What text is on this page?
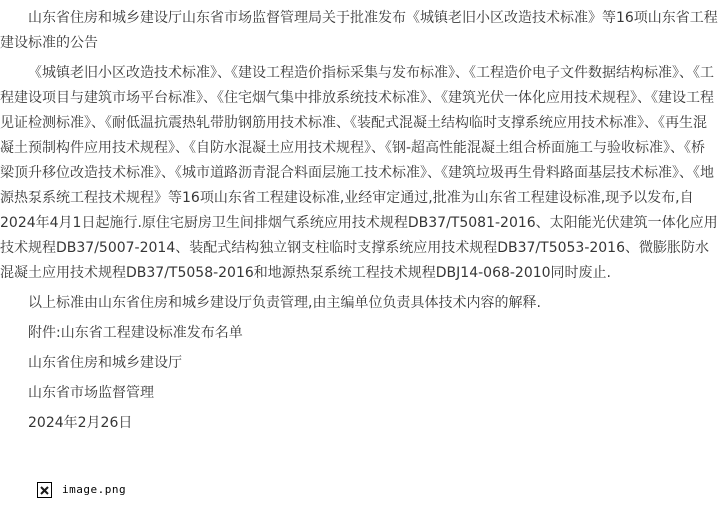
山东省住房和城乡建设厅山东省市场监督管理局关于批准发布《城镇老旧小区改造技术标准》等16项山东省工程建设标准的公告

《城镇老旧小区改造技术标准》、《建设工程造价指标采集与发布标准》、《工程造价电子文件数据结构标准》、《工程建设项目与建筑市场平台标准》、《住宅烟气集中排放系统技术标准》、《建筑光伏一体化应用技术规程》、《建设工程见证检测标准》、《耐低温抗震热轧带肋钢筋用技术标准、《装配式混凝土结构临时支撑系统应用技术标准》、《再生混凝土预制构件应用技术规程》、《自防水混凝土应用技术规程》、《钢-超高性能混凝土组合桥面施工与验收标准》、《桥梁顶升移位改造技术标准》、《城市道路沥青混合料面层施工技术标准》、《建筑垃圾再生骨料路面基层技术标准》、《地源热泵系统工程技术规程》等16项山东省工程建设标准,业经审定通过,批准为山东省工程建设标准,现予以发布,自2024年4月1日起施行.原住宅厨房卫生间排烟气系统应用技术规程DB37/T5081-2016、太阳能光伏建筑一体化应用技术规程DB37/5007-2014、装配式结构独立钢支柱临时支撑系统应用技术规程DB37/T5053-2016、微膨胀防水混凝土应用技术规程DB37/T5058-2016和地源热泵系统工程技术规程DBJ14-068-2010同时废止.

以上标准由山东省住房和城乡建设厅负责管理,由主编单位负责具体技术内容的解释.

附件:山东省工程建设标准发布名单

山东省住房和城乡建设厅

山东省市场监督管理

2024年2月26日

image.png
